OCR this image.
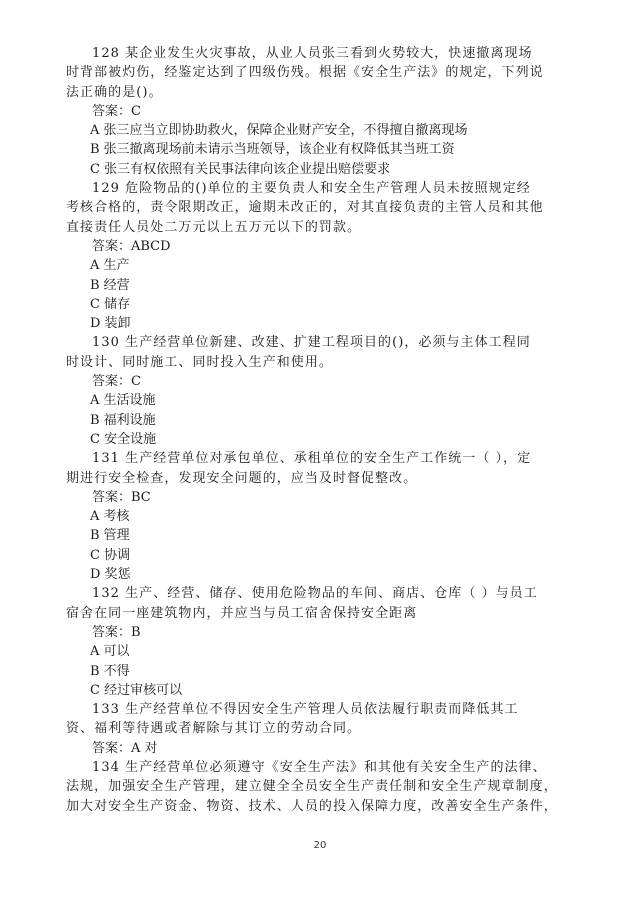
128 某企业发生火灾事故，从业人员张三看到火势较大，快速撤离现场
时背部被灼伤，经鉴定达到了四级伤残。根据《安全生产法》的规定，下列说
法正确的是()。
答案：C
A 张三应当立即协助救火，保障企业财产安全，不得擅自撤离现场
B 张三撤离现场前未请示当班领导，该企业有权降低其当班工资
C 张三有权依照有关民事法律向该企业提出赔偿要求
129 危险物品的()单位的主要负责人和安全生产管理人员未按照规定经
考核合格的，责令限期改正，逾期未改正的，对其直接负责的主管人员和其他
直接责任人员处二万元以上五万元以下的罚款。
答案：ABCD
A 生产
B 经营
C 储存
D 装卸
130 生产经营单位新建、改建、扩建工程项目的()，必须与主体工程同
时设计、同时施工、同时投入生产和使用。
答案：C
A 生活设施
B 福利设施
C 安全设施
131 生产经营单位对承包单位、承租单位的安全生产工作统一（ ），定
期进行安全检查，发现安全问题的，应当及时督促整改。
答案：BC
A 考核
B 管理
C 协调
D 奖惩
132 生产、经营、储存、使用危险物品的车间、商店、仓库（ ）与员工
宿舍在同一座建筑物内，并应当与员工宿舍保持安全距离
答案：B
A 可以
B 不得
C 经过审核可以
133 生产经营单位不得因安全生产管理人员依法履行职责而降低其工
资、福利等待遇或者解除与其订立的劳动合同。
答案：A 对
134 生产经营单位必须遵守《安全生产法》和其他有关安全生产的法律、
法规，加强安全生产管理，建立健全全员安全生产责任制和安全生产规章制度，
加大对安全生产资金、物资、技术、人员的投入保障力度，改善安全生产条件，
20
